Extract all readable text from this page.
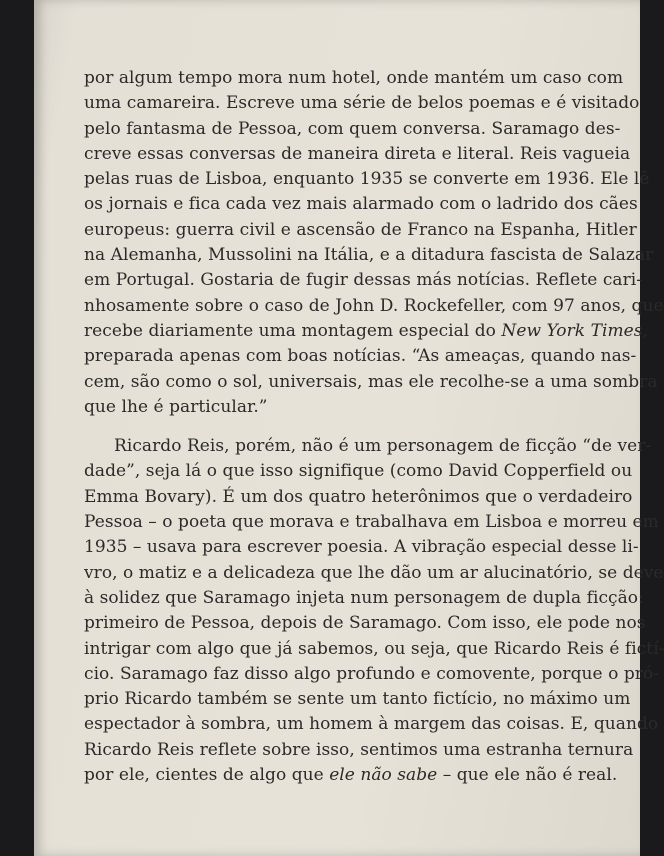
por algum tempo mora num hotel, onde mantém um caso com
uma camareira. Escreve uma série de belos poemas e é visitado
pelo fantasma de Pessoa, com quem conversa. Saramago des-
creve essas conversas de maneira direta e literal. Reis vagueia
pelas ruas de Lisboa, enquanto 1935 se converte em 1936. Ele lê
os jornais e fica cada vez mais alarmado com o ladrido dos cães
europeus: guerra civil e ascensão de Franco na Espanha, Hitler
na Alemanha, Mussolini na Itália, e a ditadura fascista de Salazar
em Portugal. Gostaria de fugir dessas más notícias. Reflete cari-
nhosamente sobre o caso de John D. Rockefeller, com 97 anos, que
recebe diariamente uma montagem especial do New York Times,
preparada apenas com boas notícias. “As ameaças, quando nas-
cem, são como o sol, universais, mas ele recolhe-se a uma sombra
que lhe é particular.”
Ricardo Reis, porém, não é um personagem de ficção “de ver-
dade”, seja lá o que isso signifique (como David Copperfield ou
Emma Bovary). É um dos quatro heterônimos que o verdadeiro
Pessoa – o poeta que morava e trabalhava em Lisboa e morreu em
1935 – usava para escrever poesia. A vibração especial desse li-
vro, o matiz e a delicadeza que lhe dão um ar alucinatório, se deve
à solidez que Saramago injeta num personagem de dupla ficção:
primeiro de Pessoa, depois de Saramago. Com isso, ele pode nos
intrigar com algo que já sabemos, ou seja, que Ricardo Reis é fictí-
cio. Saramago faz disso algo profundo e comovente, porque o pró-
prio Ricardo também se sente um tanto fictício, no máximo um
espectador à sombra, um homem à margem das coisas. E, quando
Ricardo Reis reflete sobre isso, sentimos uma estranha ternura
por ele, cientes de algo que ele não sabe – que ele não é real.
